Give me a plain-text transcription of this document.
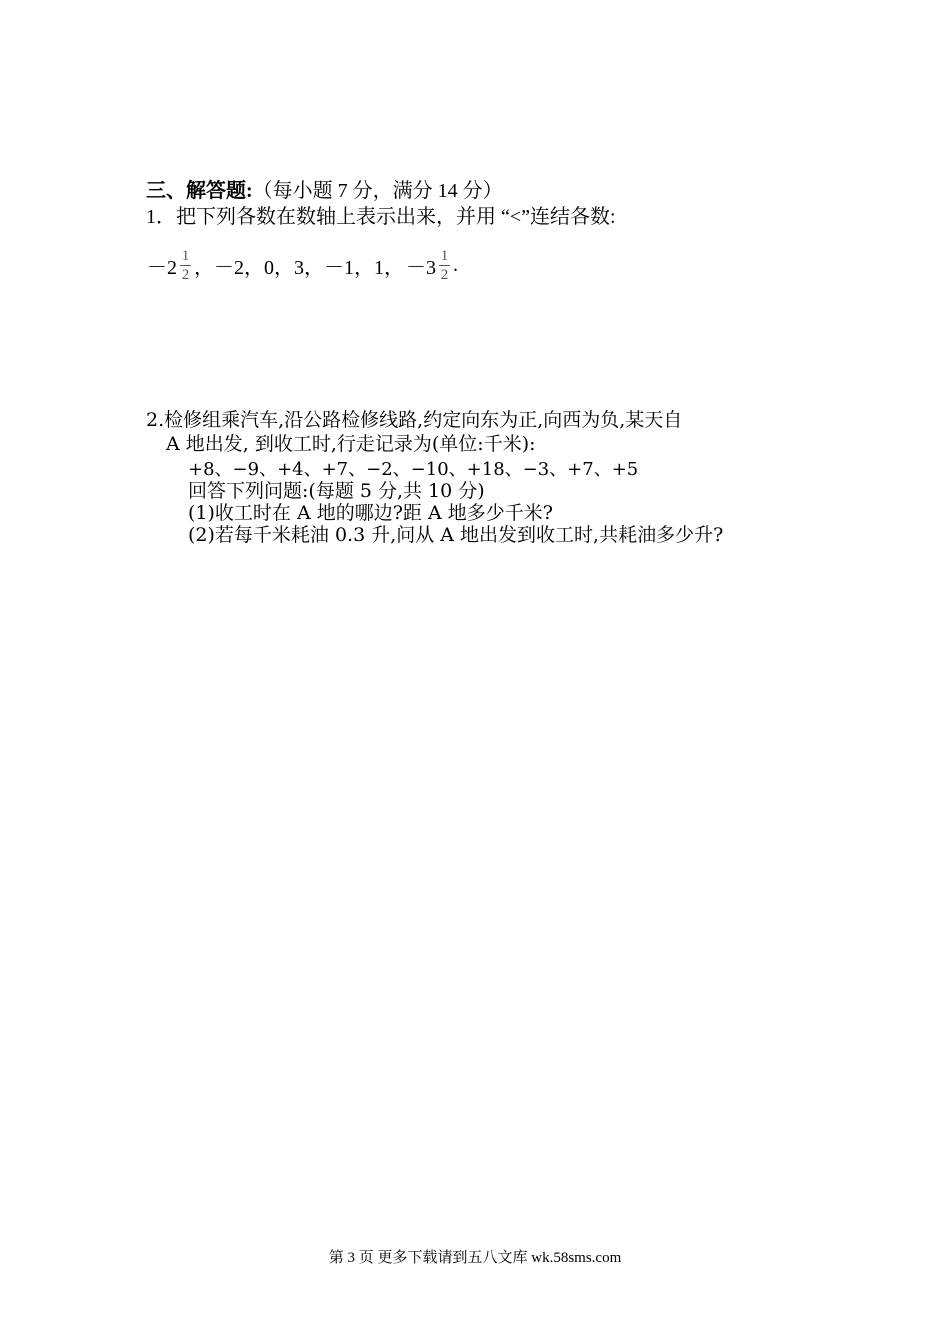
三、解答题:（每小题 7 分，满分 14 分）
1．把下列各数在数轴上表示出来，并用 “<”连结各数:
$-2 \frac{1}{2}$ ，－2，0，3，－1，1， $-3 \frac{1}{2}$ .
2.检修组乘汽车,沿公路检修线路,约定向东为正,向西为负,某天自
A 地出发, 到收工时,行走记录为(单位:千米):
+8、−9、+4、+7、−2、−10、+18、−3、+7、+5
回答下列问题:(每题 5 分,共 10 分)
(1)收工时在 A 地的哪边?距 A 地多少千米?
(2)若每千米耗油 0.3 升,问从 A 地出发到收工时,共耗油多少升?
第 3 页 更多下载请到五八文库 wk.58sms.com
